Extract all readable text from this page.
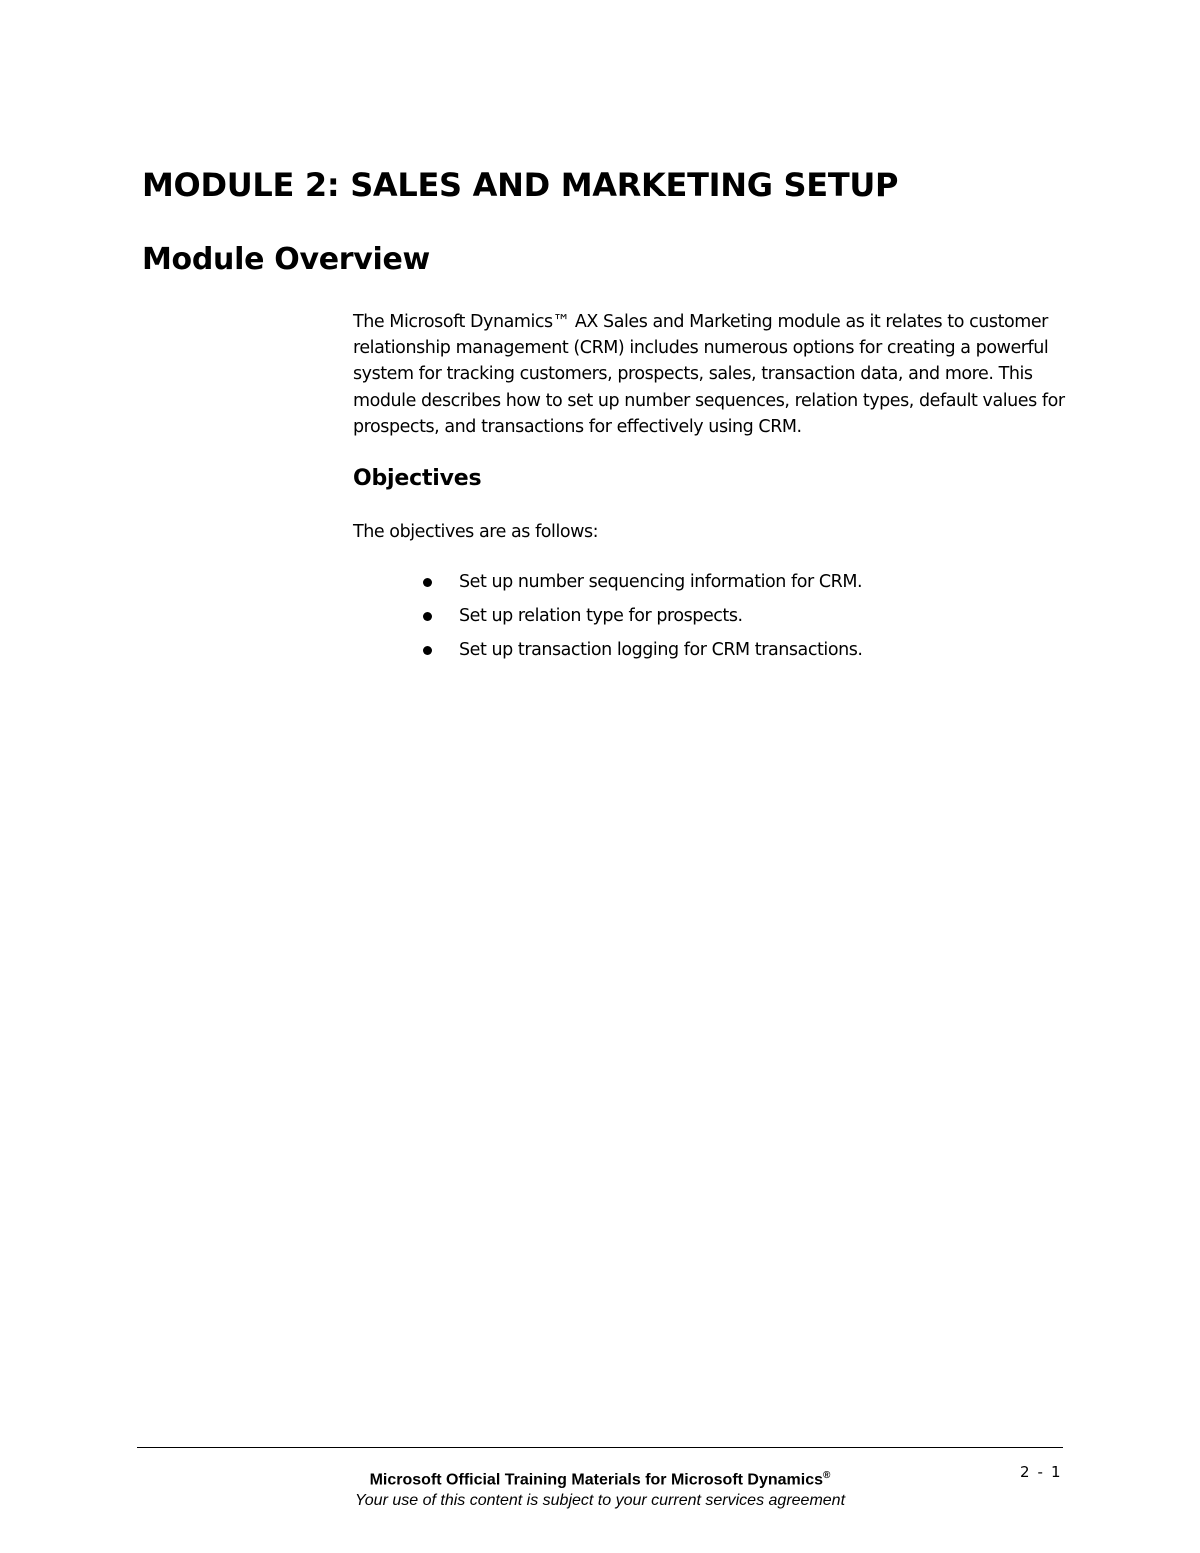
MODULE 2: SALES AND MARKETING SETUP
Module Overview

The Microsoft Dynamics™ AX Sales and Marketing module as it relates to customer relationship management (CRM) includes numerous options for creating a powerful system for tracking customers, prospects, sales, transaction data, and more. This module describes how to set up number sequences, relation types, default values for prospects, and transactions for effectively using CRM.

Objectives

The objectives are as follows:

Set up number sequencing information for CRM.
Set up relation type for prospects.
Set up transaction logging for CRM transactions.
Microsoft Official Training Materials for Microsoft Dynamics®
Your use of this content is subject to your current services agreement
2-1
